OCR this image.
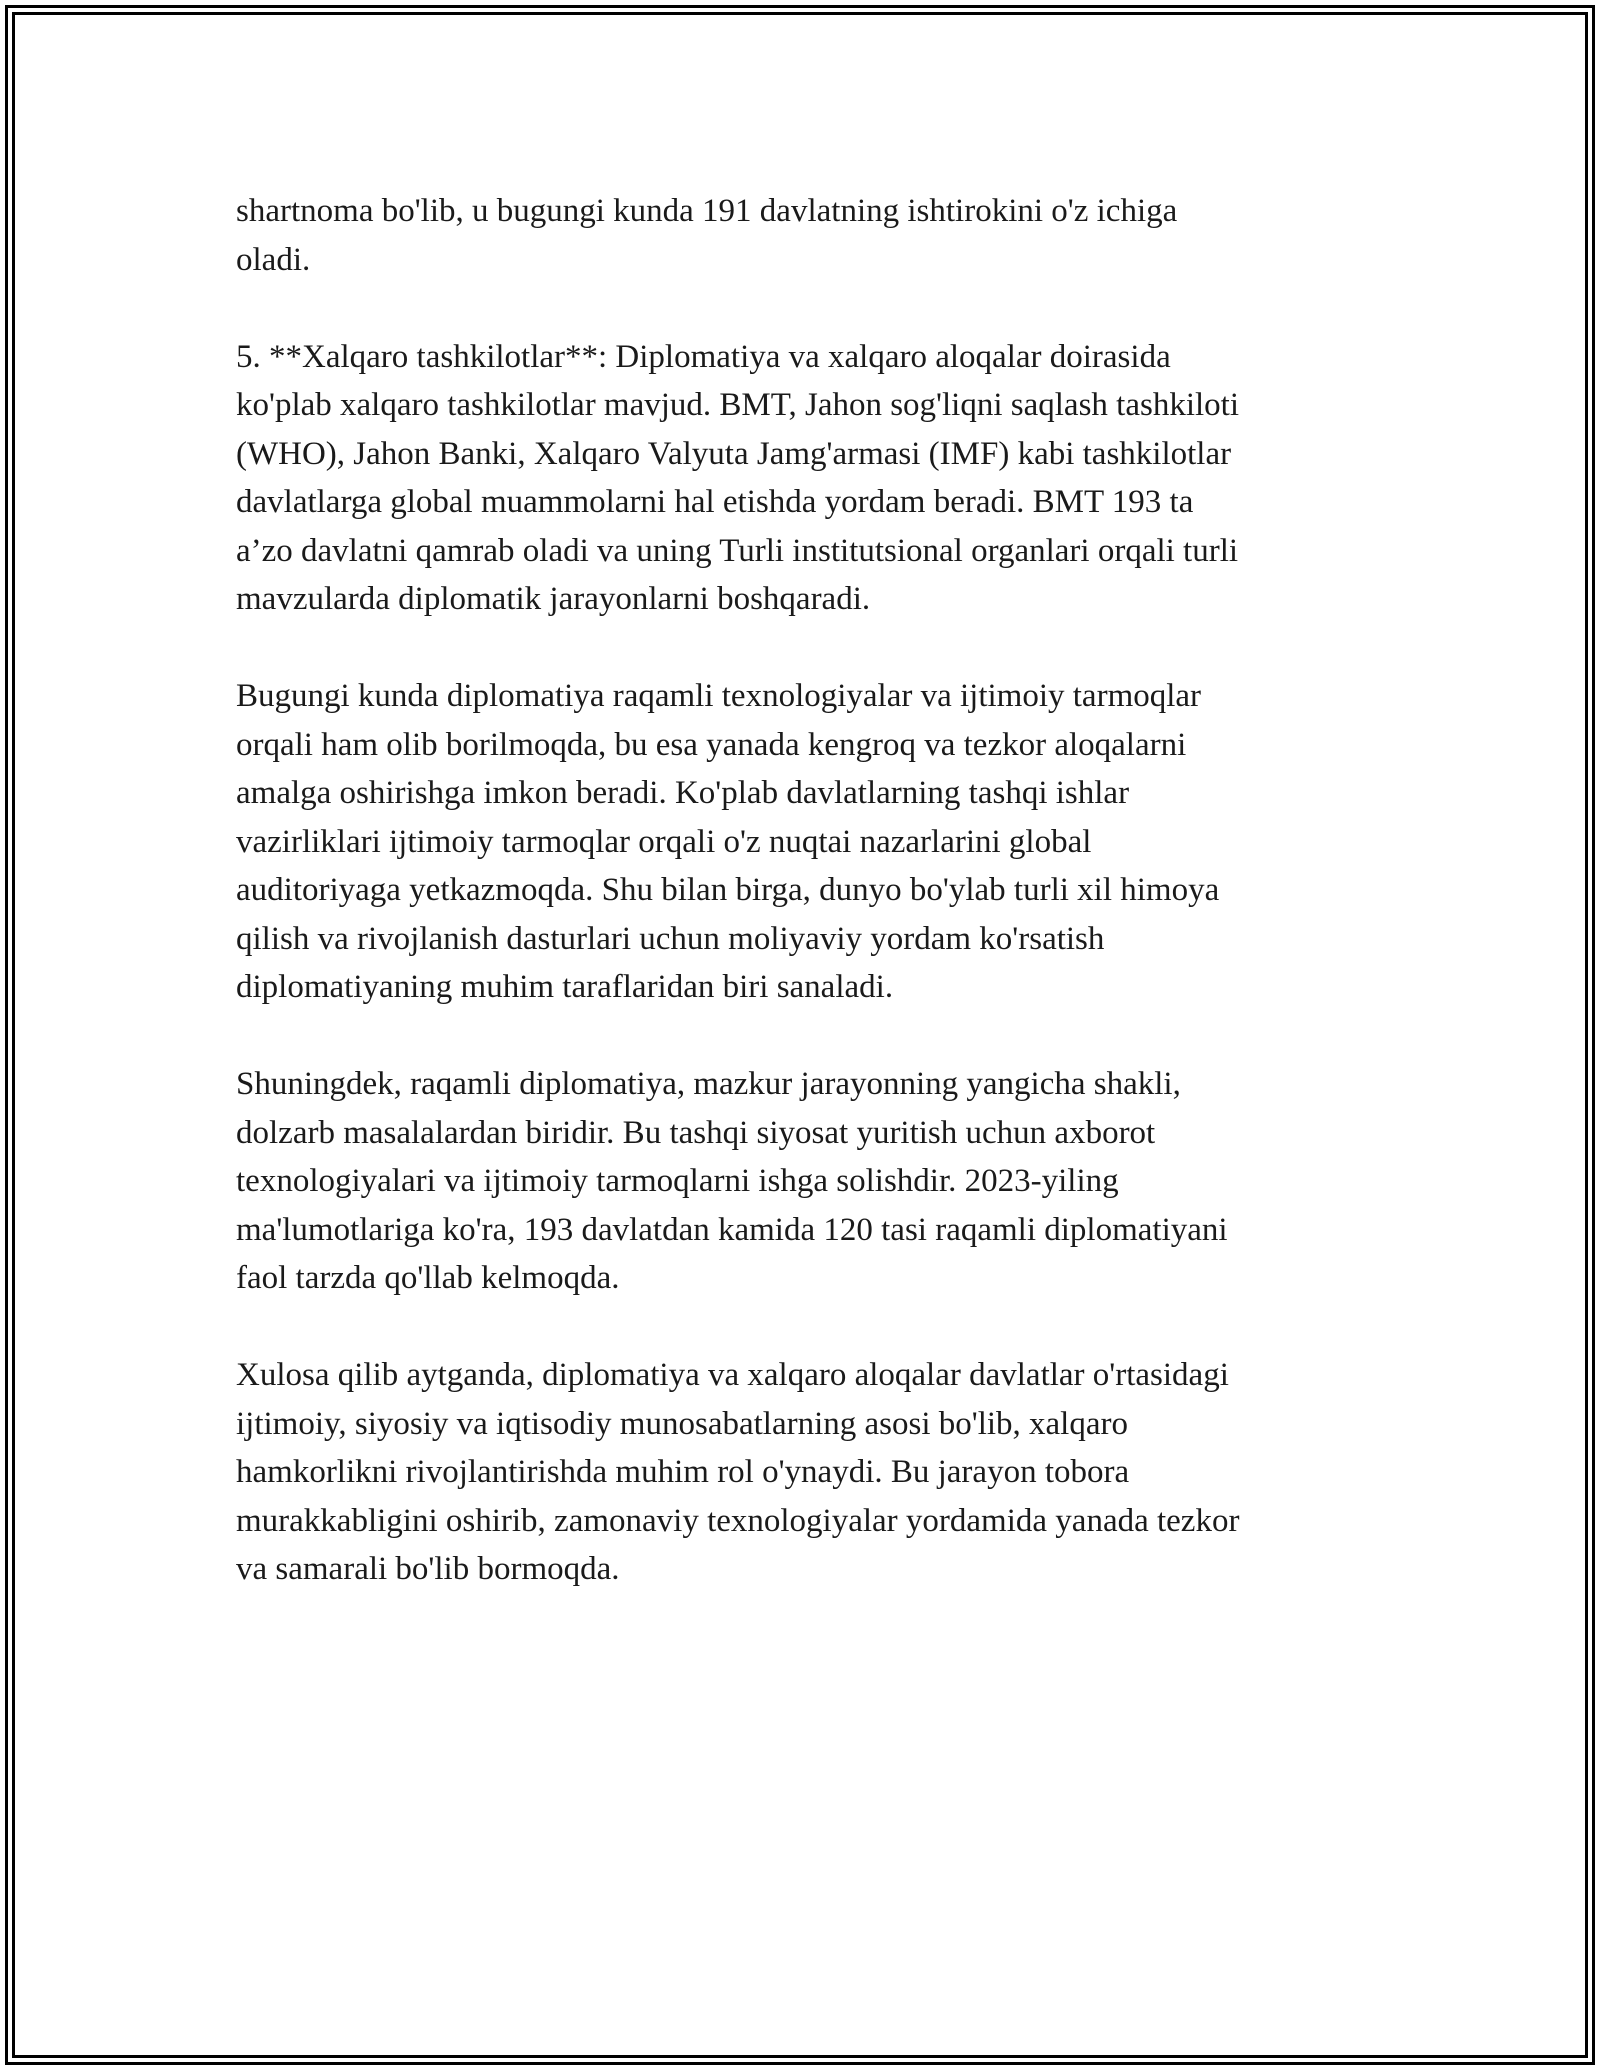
shartnoma bo'lib, u bugungi kunda 191 davlatning ishtirokini o'z ichiga
oladi.

5. **Xalqaro tashkilotlar**: Diplomatiya va xalqaro aloqalar doirasida
ko'plab xalqaro tashkilotlar mavjud. BMT, Jahon sog'liqni saqlash tashkiloti
(WHO), Jahon Banki, Xalqaro Valyuta Jamg'armasi (IMF) kabi tashkilotlar
davlatlarga global muammolarni hal etishda yordam beradi. BMT 193 ta
a’zo davlatni qamrab oladi va uning Turli institutsional organlari orqali turli
mavzularda diplomatik jarayonlarni boshqaradi.

Bugungi kunda diplomatiya raqamli texnologiyalar va ijtimoiy tarmoqlar
orqali ham olib borilmoqda, bu esa yanada kengroq va tezkor aloqalarni
amalga oshirishga imkon beradi. Ko'plab davlatlarning tashqi ishlar
vazirliklari ijtimoiy tarmoqlar orqali o'z nuqtai nazarlarini global
auditoriyaga yetkazmoqda. Shu bilan birga, dunyo bo'ylab turli xil himoya
qilish va rivojlanish dasturlari uchun moliyaviy yordam ko'rsatish
diplomatiyaning muhim taraflaridan biri sanaladi.

Shuningdek, raqamli diplomatiya, mazkur jarayonning yangicha shakli,
dolzarb masalalardan biridir. Bu tashqi siyosat yuritish uchun axborot
texnologiyalari va ijtimoiy tarmoqlarni ishga solishdir. 2023-yiling
ma'lumotlariga ko'ra, 193 davlatdan kamida 120 tasi raqamli diplomatiyani
faol tarzda qo'llab kelmoqda.

Xulosa qilib aytganda, diplomatiya va xalqaro aloqalar davlatlar o'rtasidagi
ijtimoiy, siyosiy va iqtisodiy munosabatlarning asosi bo'lib, xalqaro
hamkorlikni rivojlantirishda muhim rol o'ynaydi. Bu jarayon tobora
murakkabligini oshirib, zamonaviy texnologiyalar yordamida yanada tezkor
va samarali bo'lib bormoqda.
